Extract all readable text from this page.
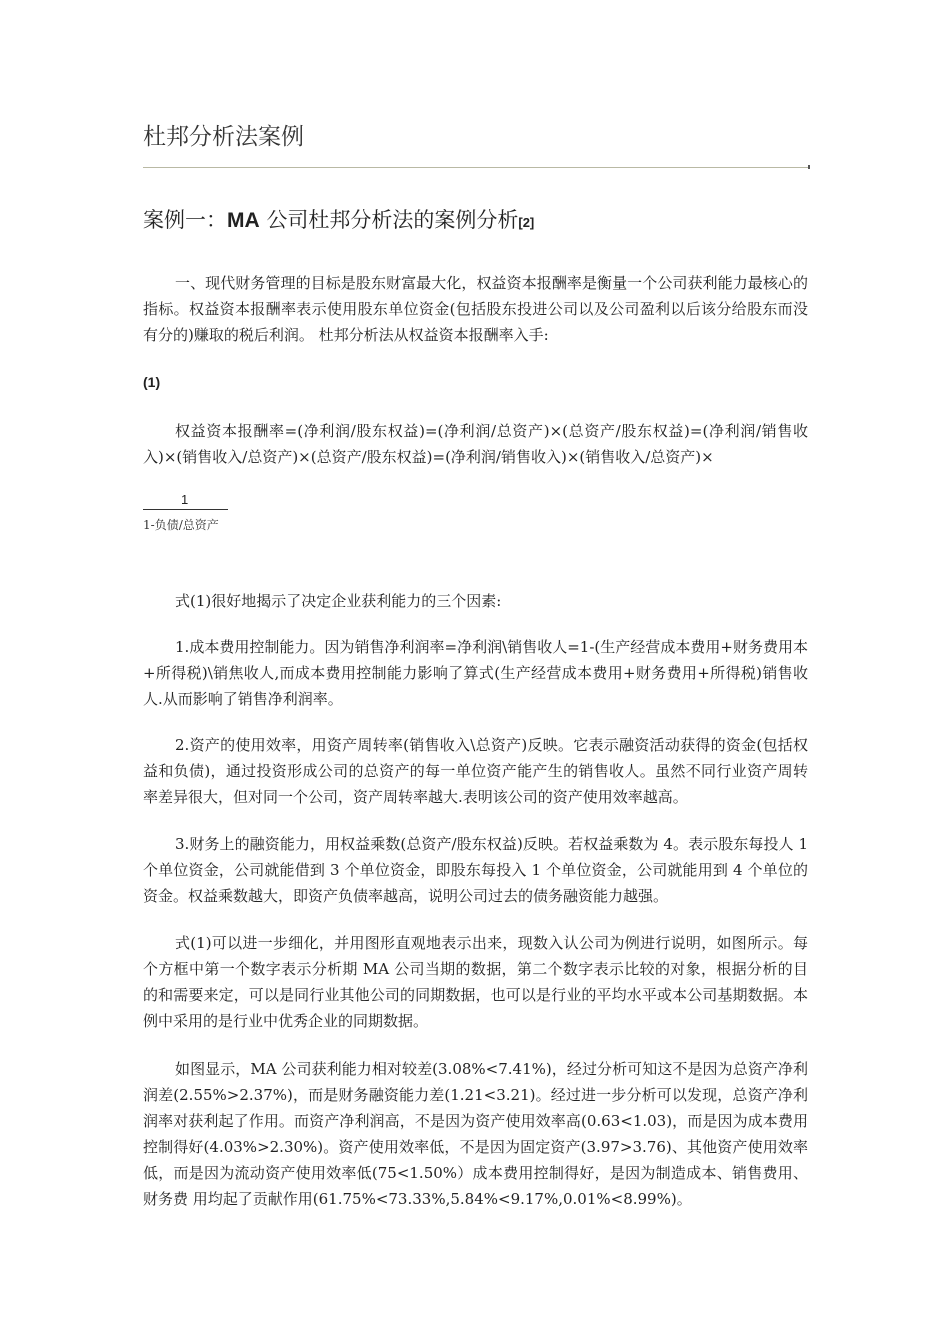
杜邦分析法案例
案例一：MA 公司杜邦分析法的案例分析[2]

一、现代财务管理的目标是股东财富最大化，权益资本报酬率是衡量一个公司获利能力最核心的指标。权益资本报酬率表示使用股东单位资金(包括股东投进公司以及公司盈利以后该分给股东而没有分的)赚取的税后利润。 杜邦分析法从权益资本报酬率入手:

(1)

权益资本报酬率=(净利润/股东权益)=(净利润/总资产)×(总资产/股东权益)=(净利润/销售收入)×(销售收入/总资产)×(总资产/股东权益)=(净利润/销售收入)×(销售收入/总资产)×

1
1-负债/总资产

式(1)很好地揭示了决定企业获利能力的三个因素:

1.成本费用控制能力。因为销售净利润率=净利润\销售收人=1-(生产经营成本费用+财务费用本+所得税)\销焦收人,而成本费用控制能力影响了算式(生产经营成本费用+财务费用+所得税)销售收人.从而影响了销售净利润率。

2.资产的使用效率，用资产周转率(销售收入\总资产)反映。它表示融资活动获得的资金(包括权益和负债)，通过投资形成公司的总资产的每一单位资产能产生的销售收人。虽然不同行业资产周转率差异很大，但对同一个公司，资产周转率越大.表明该公司的资产使用效率越高。

3.财务上的融资能力，用权益乘数(总资产/股东权益)反映。若权益乘数为 4。表示股东每投人 1 个单位资金，公司就能借到 3 个单位资金，即股东每投入 1 个单位资金，公司就能用到 4 个单位的资金。权益乘数越大，即资产负债率越高，说明公司过去的债务融资能力越强。

式(1)可以进一步细化，并用图形直观地表示出来，现数入认公司为例进行说明，如图所示。每个方框中第一个数字表示分析期 MA 公司当期的数据，第二个数字表示比较的对象，根据分析的目的和需要来定，可以是同行业其他公司的同期数据，也可以是行业的平均水平或本公司基期数据。本例中采用的是行业中优秀企业的同期数据。

如图显示，MA 公司获利能力相对较差(3.08%<7.41%)，经过分析可知这不是因为总资产净利润差(2.55%>2.37%)，而是财务融资能力差(1.21<3.21)。经过进一步分析可以发现，总资产净利润率对获利起了作用。而资产净利润高，不是因为资产使用效率高(0.63<1.03)，而是因为成本费用控制得好(4.03%>2.30%)。资产使用效率低，不是因为固定资产(3.97>3.76)、其他资产使用效率低，而是因为流动资产使用效率低(75<1.50%）成本费用控制得好，是因为制造成本、销售费用、财务费 用均起了贡献作用(61.75%<73.33%,5.84%<9.17%,0.01%<8.99%)。
